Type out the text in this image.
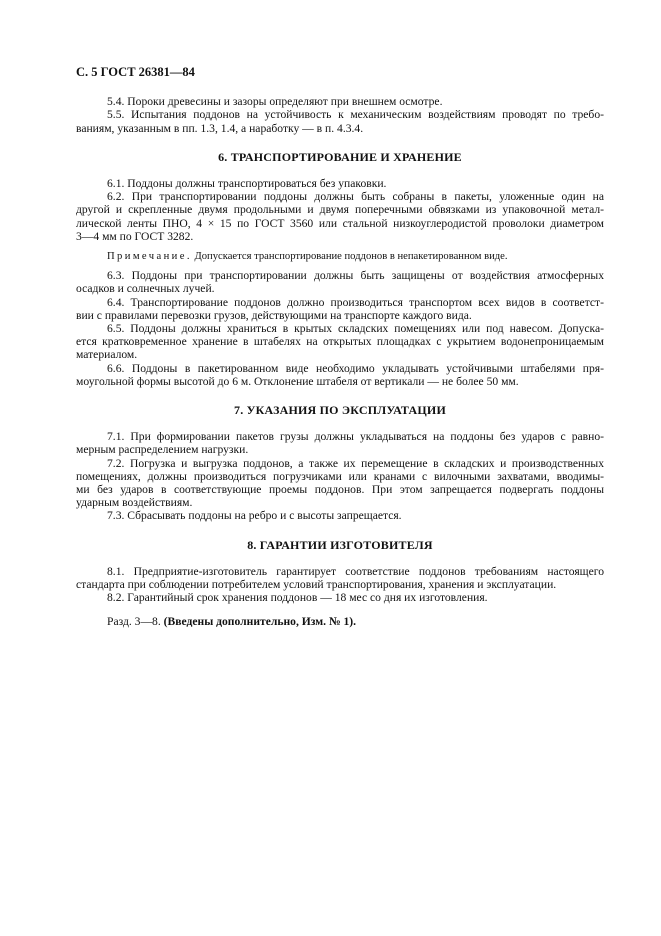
С. 5 ГОСТ 26381—84
5.4. Пороки древесины и зазоры определяют при внешнем осмотре.
5.5. Испытания поддонов на устойчивость к механическим воздействиям проводят по требо-
ваниям, указанным в пп. 1.3, 1.4, а наработку — в п. 4.3.4.
6. ТРАНСПОРТИРОВАНИЕ И ХРАНЕНИЕ
6.1. Поддоны должны транспортироваться без упаковки.
6.2. При транспортировании поддоны должны быть собраны в пакеты, уложенные один на
другой и скрепленные двумя продольными и двумя поперечными обвязками из упаковочной метал-
лической ленты ПНО, 4 × 15 по ГОСТ 3560 или стальной низкоуглеродистой проволоки диаметром
3—4 мм по ГОСТ 3282.
Примечание. Допускается транспортирование поддонов в непакетированном виде.
6.3. Поддоны при транспортировании должны быть защищены от воздействия атмосферных
осадков и солнечных лучей.
6.4. Транспортирование поддонов должно производиться транспортом всех видов в соответст-
вии с правилами перевозки грузов, действующими на транспорте каждого вида.
6.5. Поддоны должны храниться в крытых складских помещениях или под навесом. Допуска-
ется кратковременное хранение в штабелях на открытых площадках с укрытием водонепроницаемым
материалом.
6.6. Поддоны в пакетированном виде необходимо укладывать устойчивыми штабелями пря-
моугольной формы высотой до 6 м. Отклонение штабеля от вертикали — не более 50 мм.
7. УКАЗАНИЯ ПО ЭКСПЛУАТАЦИИ
7.1. При формировании пакетов грузы должны укладываться на поддоны без ударов с равно-
мерным распределением нагрузки.
7.2. Погрузка и выгрузка поддонов, а также их перемещение в складских и производственных
помещениях, должны производиться погрузчиками или кранами с вилочными захватами, вводимы-
ми без ударов в соответствующие проемы поддонов. При этом запрещается подвергать поддоны
ударным воздействиям.
7.3. Сбрасывать поддоны на ребро и с высоты запрещается.
8. ГАРАНТИИ ИЗГОТОВИТЕЛЯ
8.1. Предприятие-изготовитель гарантирует соответствие поддонов требованиям настоящего
стандарта при соблюдении потребителем условий транспортирования, хранения и эксплуатации.
8.2. Гарантийный срок хранения поддонов — 18 мес со дня их изготовления.
Разд. 3—8. (Введены дополнительно, Изм. № 1).
